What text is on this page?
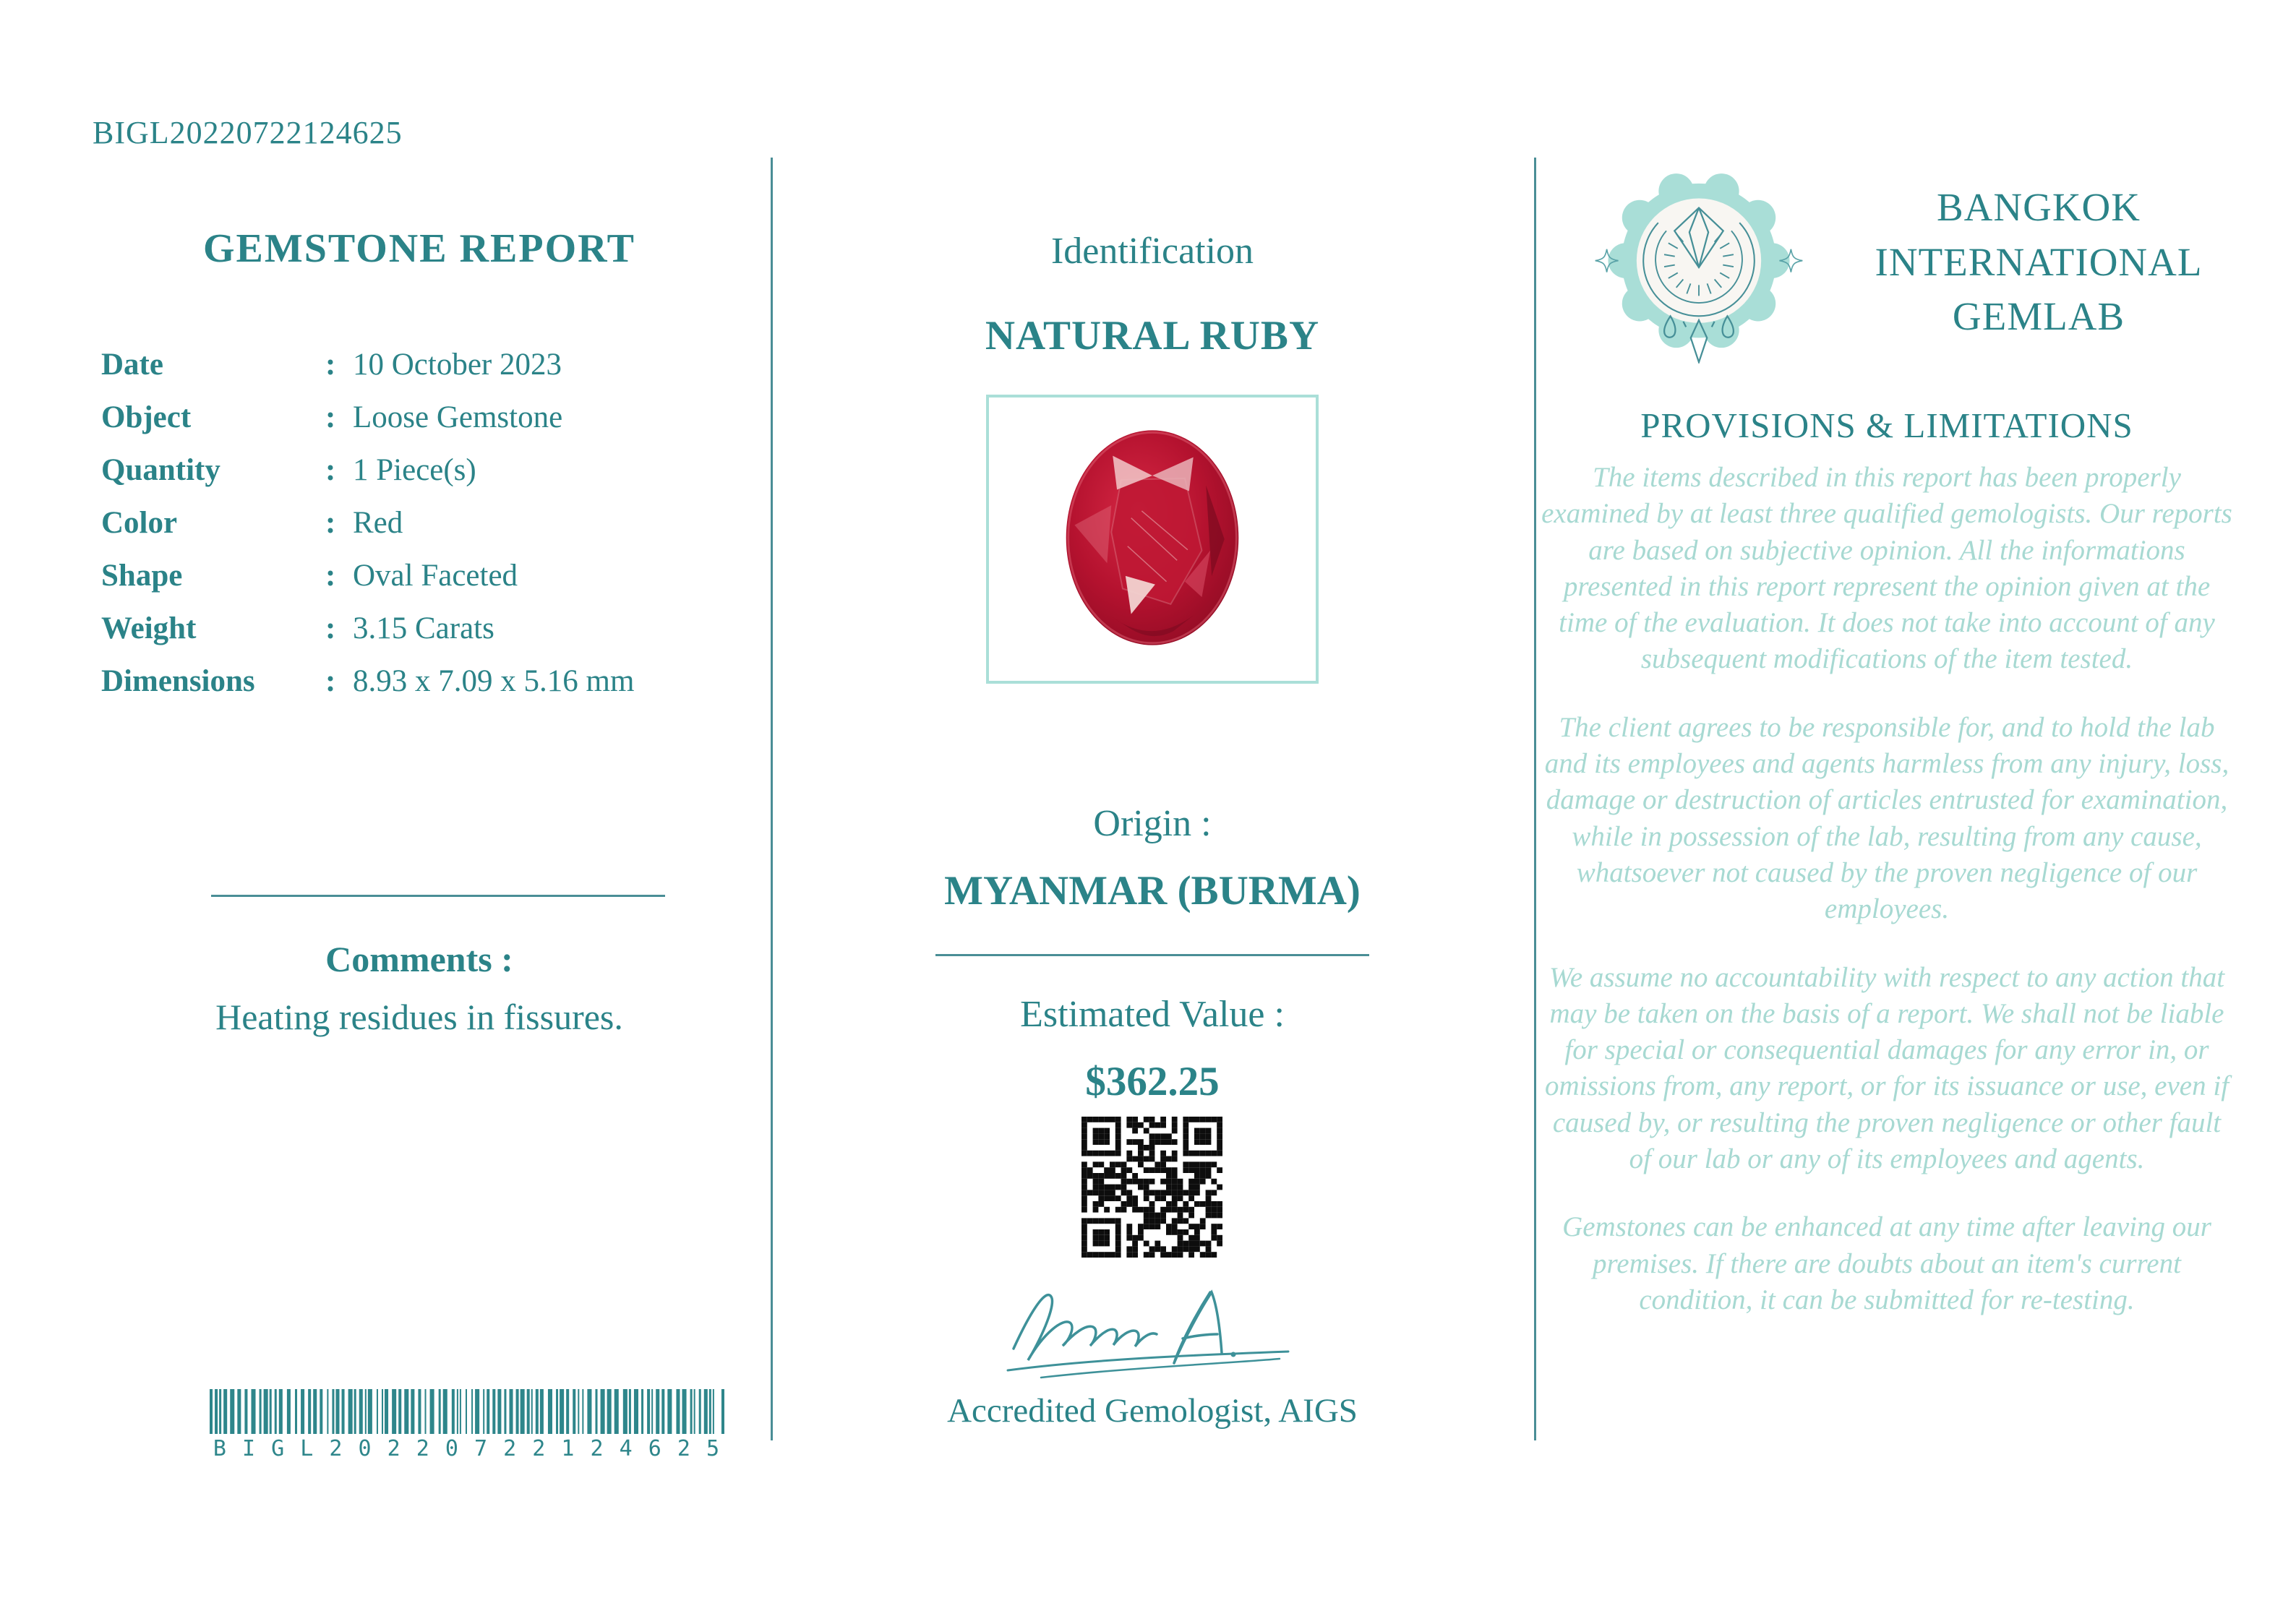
BIGL20220722124625
GEMSTONE REPORT
Date	: 10 October 2023
Object	: Loose Gemstone
Quantity	: 1 Piece(s)
Color	: Red
Shape	: Oval Faceted
Weight	: 3.15 Carats
Dimensions	: 8.93 x 7.09 x 5.16 mm
Comments :
Heating residues in fissures.
B I G L 2 0 2 2 0 7 2 2 1 2 4 6 2 5
Identification
NATURAL RUBY
Origin :
MYANMAR (BURMA)
Estimated Value :
$362.25
Accredited Gemologist, AIGS
BANGKOK
INTERNATIONAL
GEMLAB
PROVISIONS & LIMITATIONS

The items described in this report has been properly examined by at least three qualified gemologists. Our reports are based on subjective opinion. All the informations presented in this report represent the opinion given at the time of the evaluation. It does not take into account of any subsequent modifications of the item tested.

The client agrees to be responsible for, and to hold the lab and its employees and agents harmless from any injury, loss, damage or destruction of articles entrusted for examination, while in possession of the lab, resulting from any cause, whatsoever not caused by the proven negligence of our employees.

We assume no accountability with respect to any action that may be taken on the basis of a report. We shall not be liable for special or consequential damages for any error in, or omissions from, any report, or for its issuance or use, even if caused by, or resulting the proven negligence or other fault of our lab or any of its employees and agents.

Gemstones can be enhanced at any time after leaving our premises. If there are doubts about an item's current condition, it can be submitted for re-testing.
